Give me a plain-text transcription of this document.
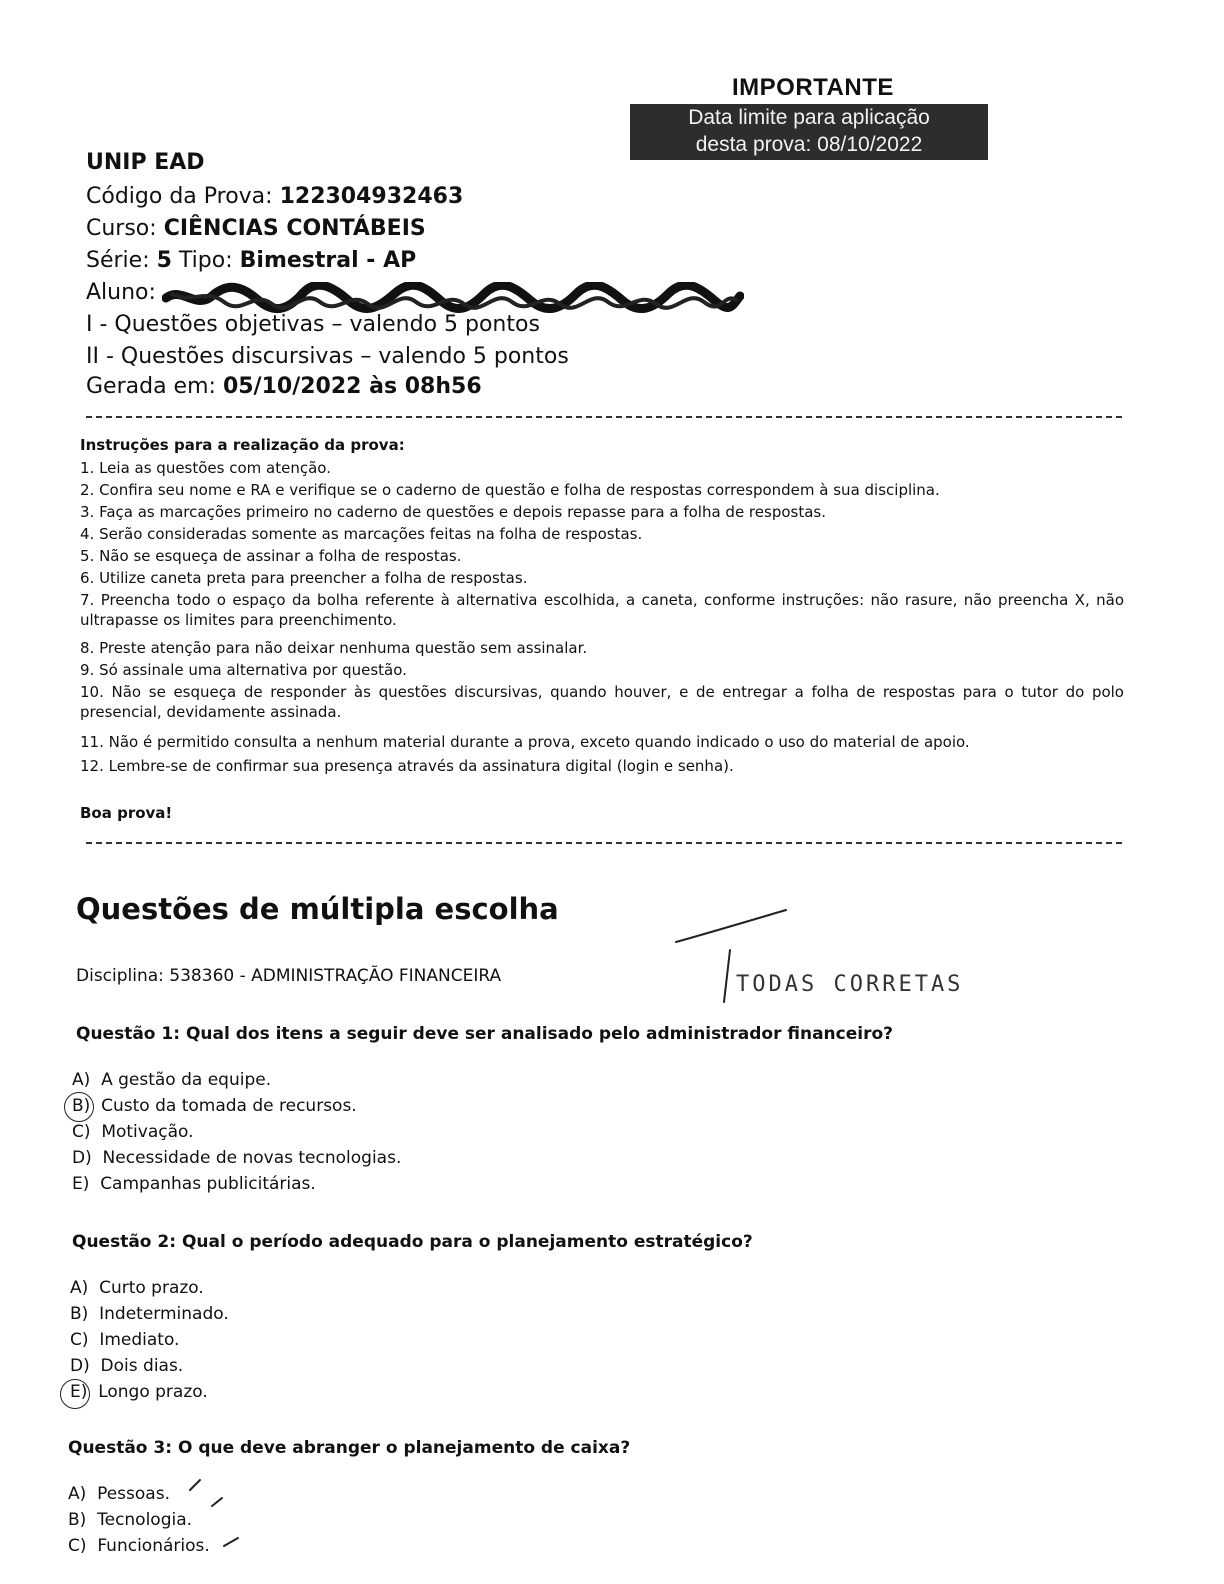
IMPORTANTE
Data limite para aplicação
desta prova: 08/10/2022
UNIP EAD
Código da Prova: 122304932463
Curso: CIÊNCIAS CONTÁBEIS
Série: 5 Tipo: Bimestral - AP
Aluno:
I - Questões objetivas – valendo 5 pontos
II - Questões discursivas – valendo 5 pontos
Gerada em: 05/10/2022 às 08h56
Instruções para a realização da prova:
1. Leia as questões com atenção.
2. Confira seu nome e RA e verifique se o caderno de questão e folha de respostas correspondem à sua disciplina.
3. Faça as marcações primeiro no caderno de questões e depois repasse para a folha de respostas.
4. Serão consideradas somente as marcações feitas na folha de respostas.
5. Não se esqueça de assinar a folha de respostas.
6. Utilize caneta preta para preencher a folha de respostas.
7. Preencha todo o espaço da bolha referente à alternativa escolhida, a caneta, conforme instruções: não rasure, não preencha X, não ultrapasse os limites para preenchimento.
8. Preste atenção para não deixar nenhuma questão sem assinalar.
9. Só assinale uma alternativa por questão.
10. Não se esqueça de responder às questões discursivas, quando houver, e de entregar a folha de respostas para o tutor do polo presencial, devidamente assinada.
11. Não é permitido consulta a nenhum material durante a prova, exceto quando indicado o uso do material de apoio.
12. Lembre-se de confirmar sua presença através da assinatura digital (login e senha).
Boa prova!
Questões de múltipla escolha
Disciplina: 538360 - ADMINISTRAÇÃO FINANCEIRA	TODAS CORRETAS
Questão 1: Qual dos itens a seguir deve ser analisado pelo administrador financeiro?
A) A gestão da equipe.
B) Custo da tomada de recursos.
C) Motivação.
D) Necessidade de novas tecnologias.
E) Campanhas publicitárias.
Questão 2: Qual o período adequado para o planejamento estratégico?
A) Curto prazo.
B) Indeterminado.
C) Imediato.
D) Dois dias.
E) Longo prazo.
Questão 3: O que deve abranger o planejamento de caixa?
A) Pessoas.
B) Tecnologia.
C) Funcionários.
